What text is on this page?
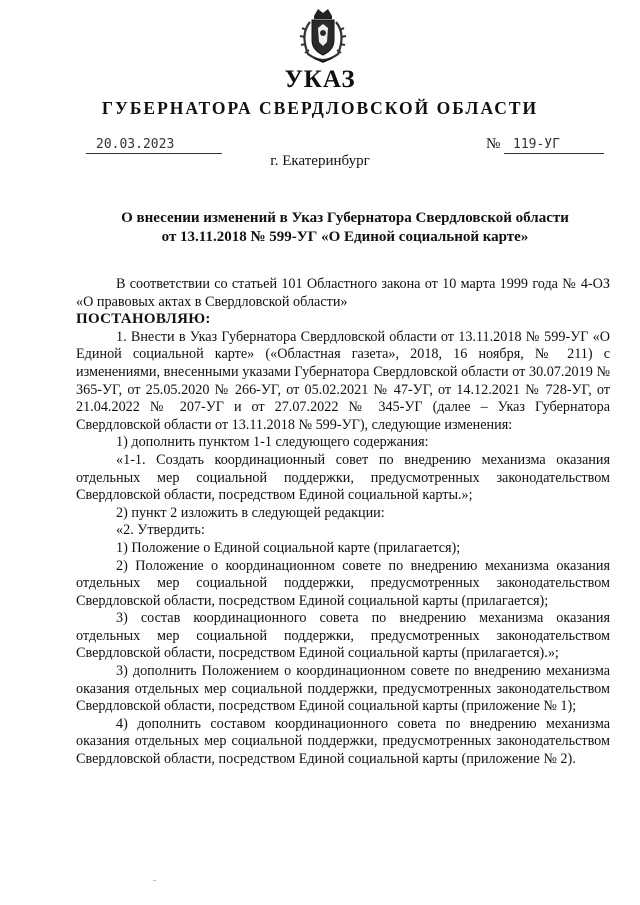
УКАЗ
ГУБЕРНАТОРА СВЕРДЛОВСКОЙ ОБЛАСТИ
20.03.2023	№ 119-УГ
г. Екатеринбург
О внесении изменений в Указ Губернатора Свердловской области
от 13.11.2018 № 599-УГ «О Единой социальной карте»

В соответствии со статьей 101 Областного закона от 10 марта 1999 года № 4-ОЗ «О правовых актах в Свердловской области»

ПОСТАНОВЛЯЮ:

1. Внести в Указ Губернатора Свердловской области от 13.11.2018 № 599-УГ «О Единой социальной карте» («Областная газета», 2018, 16 ноября, № 211) с изменениями, внесенными указами Губернатора Свердловской области от 30.07.2019 № 365-УГ, от 25.05.2020 № 266-УГ, от 05.02.2021 № 47-УГ, от 14.12.2021 № 728-УГ, от 21.04.2022 № 207-УГ и от 27.07.2022 № 345-УГ (далее – Указ Губернатора Свердловской области от 13.11.2018 № 599-УГ), следующие изменения:

1) дополнить пунктом 1-1 следующего содержания:

«1-1. Создать координационный совет по внедрению механизма оказания отдельных мер социальной поддержки, предусмотренных законодательством Свердловской области, посредством Единой социальной карты.»;

2) пункт 2 изложить в следующей редакции:

«2. Утвердить:

1) Положение о Единой социальной карте (прилагается);

2) Положение о координационном совете по внедрению механизма оказания отдельных мер социальной поддержки, предусмотренных законодательством Свердловской области, посредством Единой социальной карты (прилагается);

3) состав координационного совета по внедрению механизма оказания отдельных мер социальной поддержки, предусмотренных законодательством Свердловской области, посредством Единой социальной карты (прилагается).»;

3) дополнить Положением о координационном совете по внедрению механизма оказания отдельных мер социальной поддержки, предусмотренных законодательством Свердловской области, посредством Единой социальной карты (приложение № 1);

4) дополнить составом координационного совета по внедрению механизма оказания отдельных мер социальной поддержки, предусмотренных законодательством Свердловской области, посредством Единой социальной карты (приложение № 2).
